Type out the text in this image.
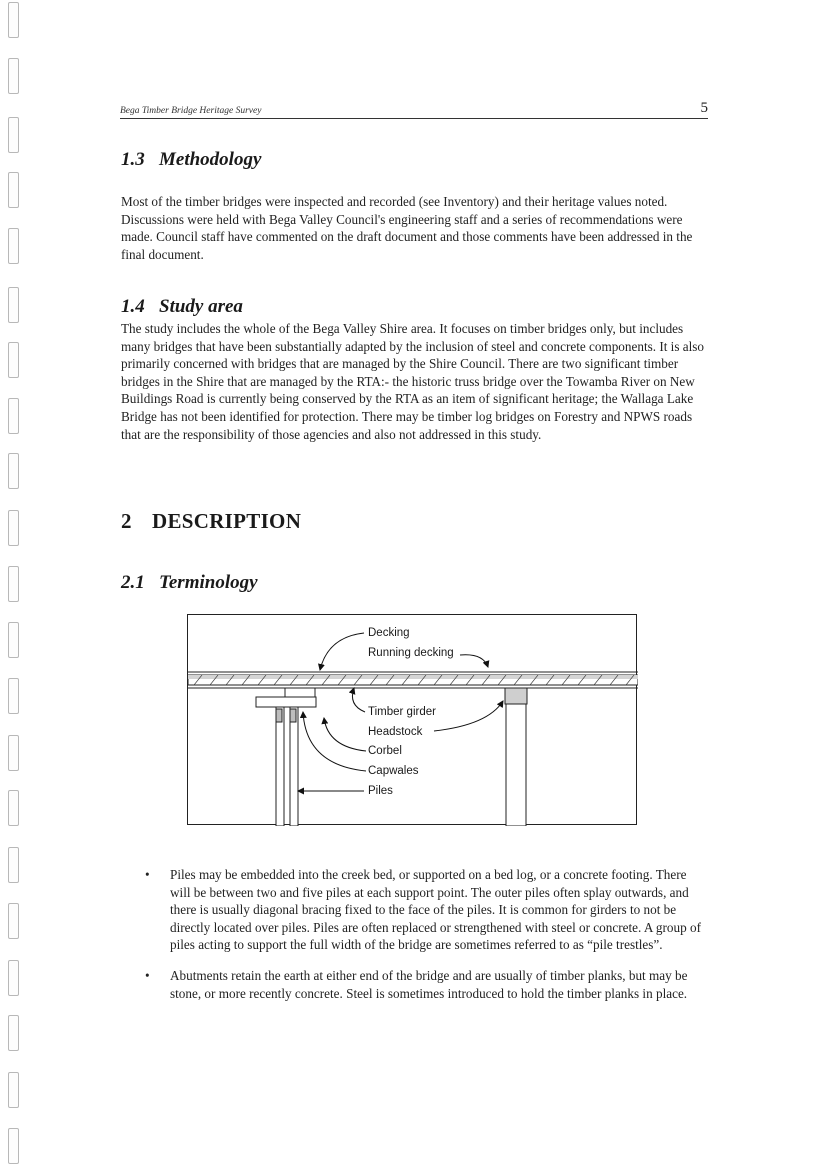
Bega Timber Bridge Heritage Survey	5
1.3 Methodology

Most of the timber bridges were inspected and recorded (see Inventory) and their heritage values noted. Discussions were held with Bega Valley Council's engineering staff and a series of recommendations were made. Council staff have commented on the draft document and those comments have been addressed in the final document.

1.4 Study area

The study includes the whole of the Bega Valley Shire area. It focuses on timber bridges only, but includes many bridges that have been substantially adapted by the inclusion of steel and concrete components. It is also primarily concerned with bridges that are managed by the Shire Council. There are two significant timber bridges in the Shire that are managed by the RTA:- the historic truss bridge over the Towamba River on New Buildings Road is currently being conserved by the RTA as an item of significant heritage; the Wallaga Lake Bridge has not been identified for protection. There may be timber log bridges on Forestry and NPWS roads that are the responsibility of those agencies and also not addressed in this study.

2 DESCRIPTION
2.1 Terminology
Decking
Running decking
Timber girder
Headstock
Corbel
Capwales
Piles
• Piles may be embedded into the creek bed, or supported on a bed log, or a concrete footing. There will be between two and five piles at each support point. The outer piles often splay outwards, and there is usually diagonal bracing fixed to the face of the piles. It is common for girders to not be directly located over piles. Piles are often replaced or strengthened with steel or concrete. A group of piles acting to support the full width of the bridge are sometimes referred to as “pile trestles”.
• Abutments retain the earth at either end of the bridge and are usually of timber planks, but may be stone, or more recently concrete. Steel is sometimes introduced to hold the timber planks in place.
